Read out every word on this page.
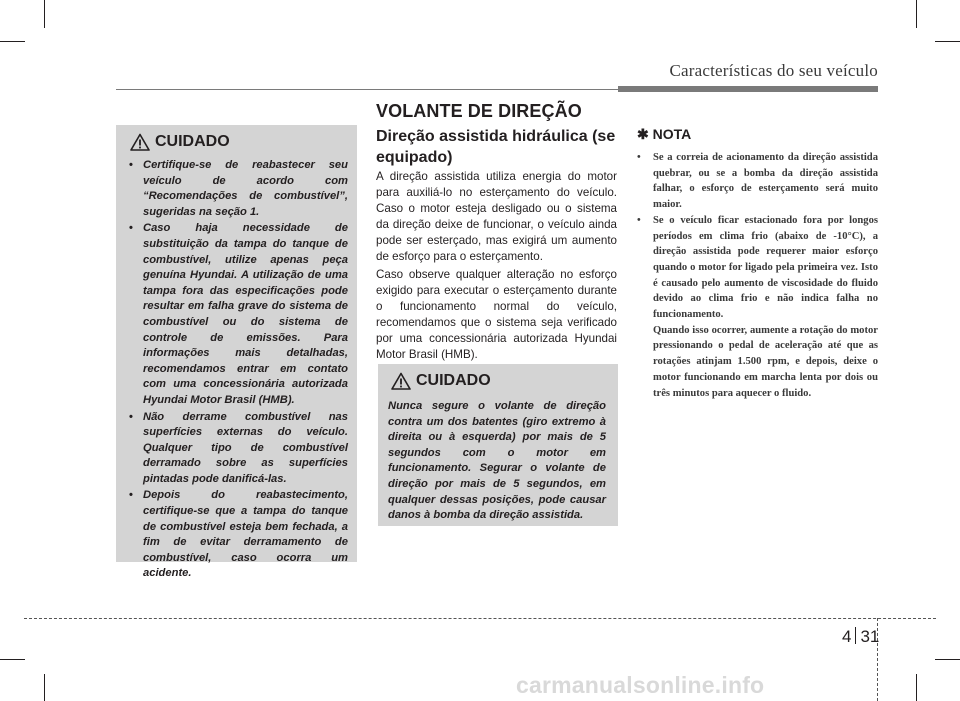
Características do seu veículo
VOLANTE DE DIREÇÃO
CUIDADO
• Certifique-se de reabastecer seu veículo de acordo com “Recomendações de combustível”, sugeridas na seção 1.
• Caso haja necessidade de substituição da tampa do tanque de combustível, utilize apenas peça genuína Hyundai. A utilização de uma tampa fora das especificações pode resultar em falha grave do sistema de combustível ou do sistema de controle de emissões. Para informações mais detalhadas, recomendamos entrar em contato com uma concessionária autorizada Hyundai Motor Brasil (HMB).
• Não derrame combustível nas superfícies externas do veículo. Qualquer tipo de combustível derramado sobre as superfícies pintadas pode danificá-las.
• Depois do reabastecimento, certifique-se que a tampa do tanque de combustível esteja bem fechada, a fim de evitar derramamento de combustível, caso ocorra um acidente.
Direção assistida hidráulica (se equipado)

A direção assistida utiliza energia do motor para auxiliá-lo no esterçamento do veículo. Caso o motor esteja desligado ou o sistema da direção deixe de funcionar, o veículo ainda pode ser esterçado, mas exigirá um aumento de esforço para o esterçamento.

Caso observe qualquer alteração no esforço exigido para executar o esterçamento durante o funcionamento normal do veículo, recomendamos que o sistema seja verificado por uma concessionária autorizada Hyundai Motor Brasil (HMB).

CUIDADO
Nunca segure o volante de direção contra um dos batentes (giro extremo à direita ou à esquerda) por mais de 5 segundos com o motor em funcionamento. Segurar o volante de direção por mais de 5 segundos, em qualquer dessas posições, pode causar danos à bomba da direção assistida.
✱ NOTA
• Se a correia de acionamento da direção assistida quebrar, ou se a bomba da direção assistida falhar, o esforço de esterçamento será muito maior.

• Se o veículo ficar estacionado fora por longos períodos em clima frio (abaixo de -10°C), a direção assistida pode requerer maior esforço quando o motor for ligado pela primeira vez. Isto é causado pelo aumento de viscosidade do fluido devido ao clima frio e não indica falha no funcionamento.

Quando isso ocorrer, aumente a rotação do motor pressionando o pedal de aceleração até que as rotações atinjam 1.500 rpm, e depois, deixe o motor funcionando em marcha lenta por dois ou três minutos para aquecer o fluido.

4 31
carmanualsonline.info
